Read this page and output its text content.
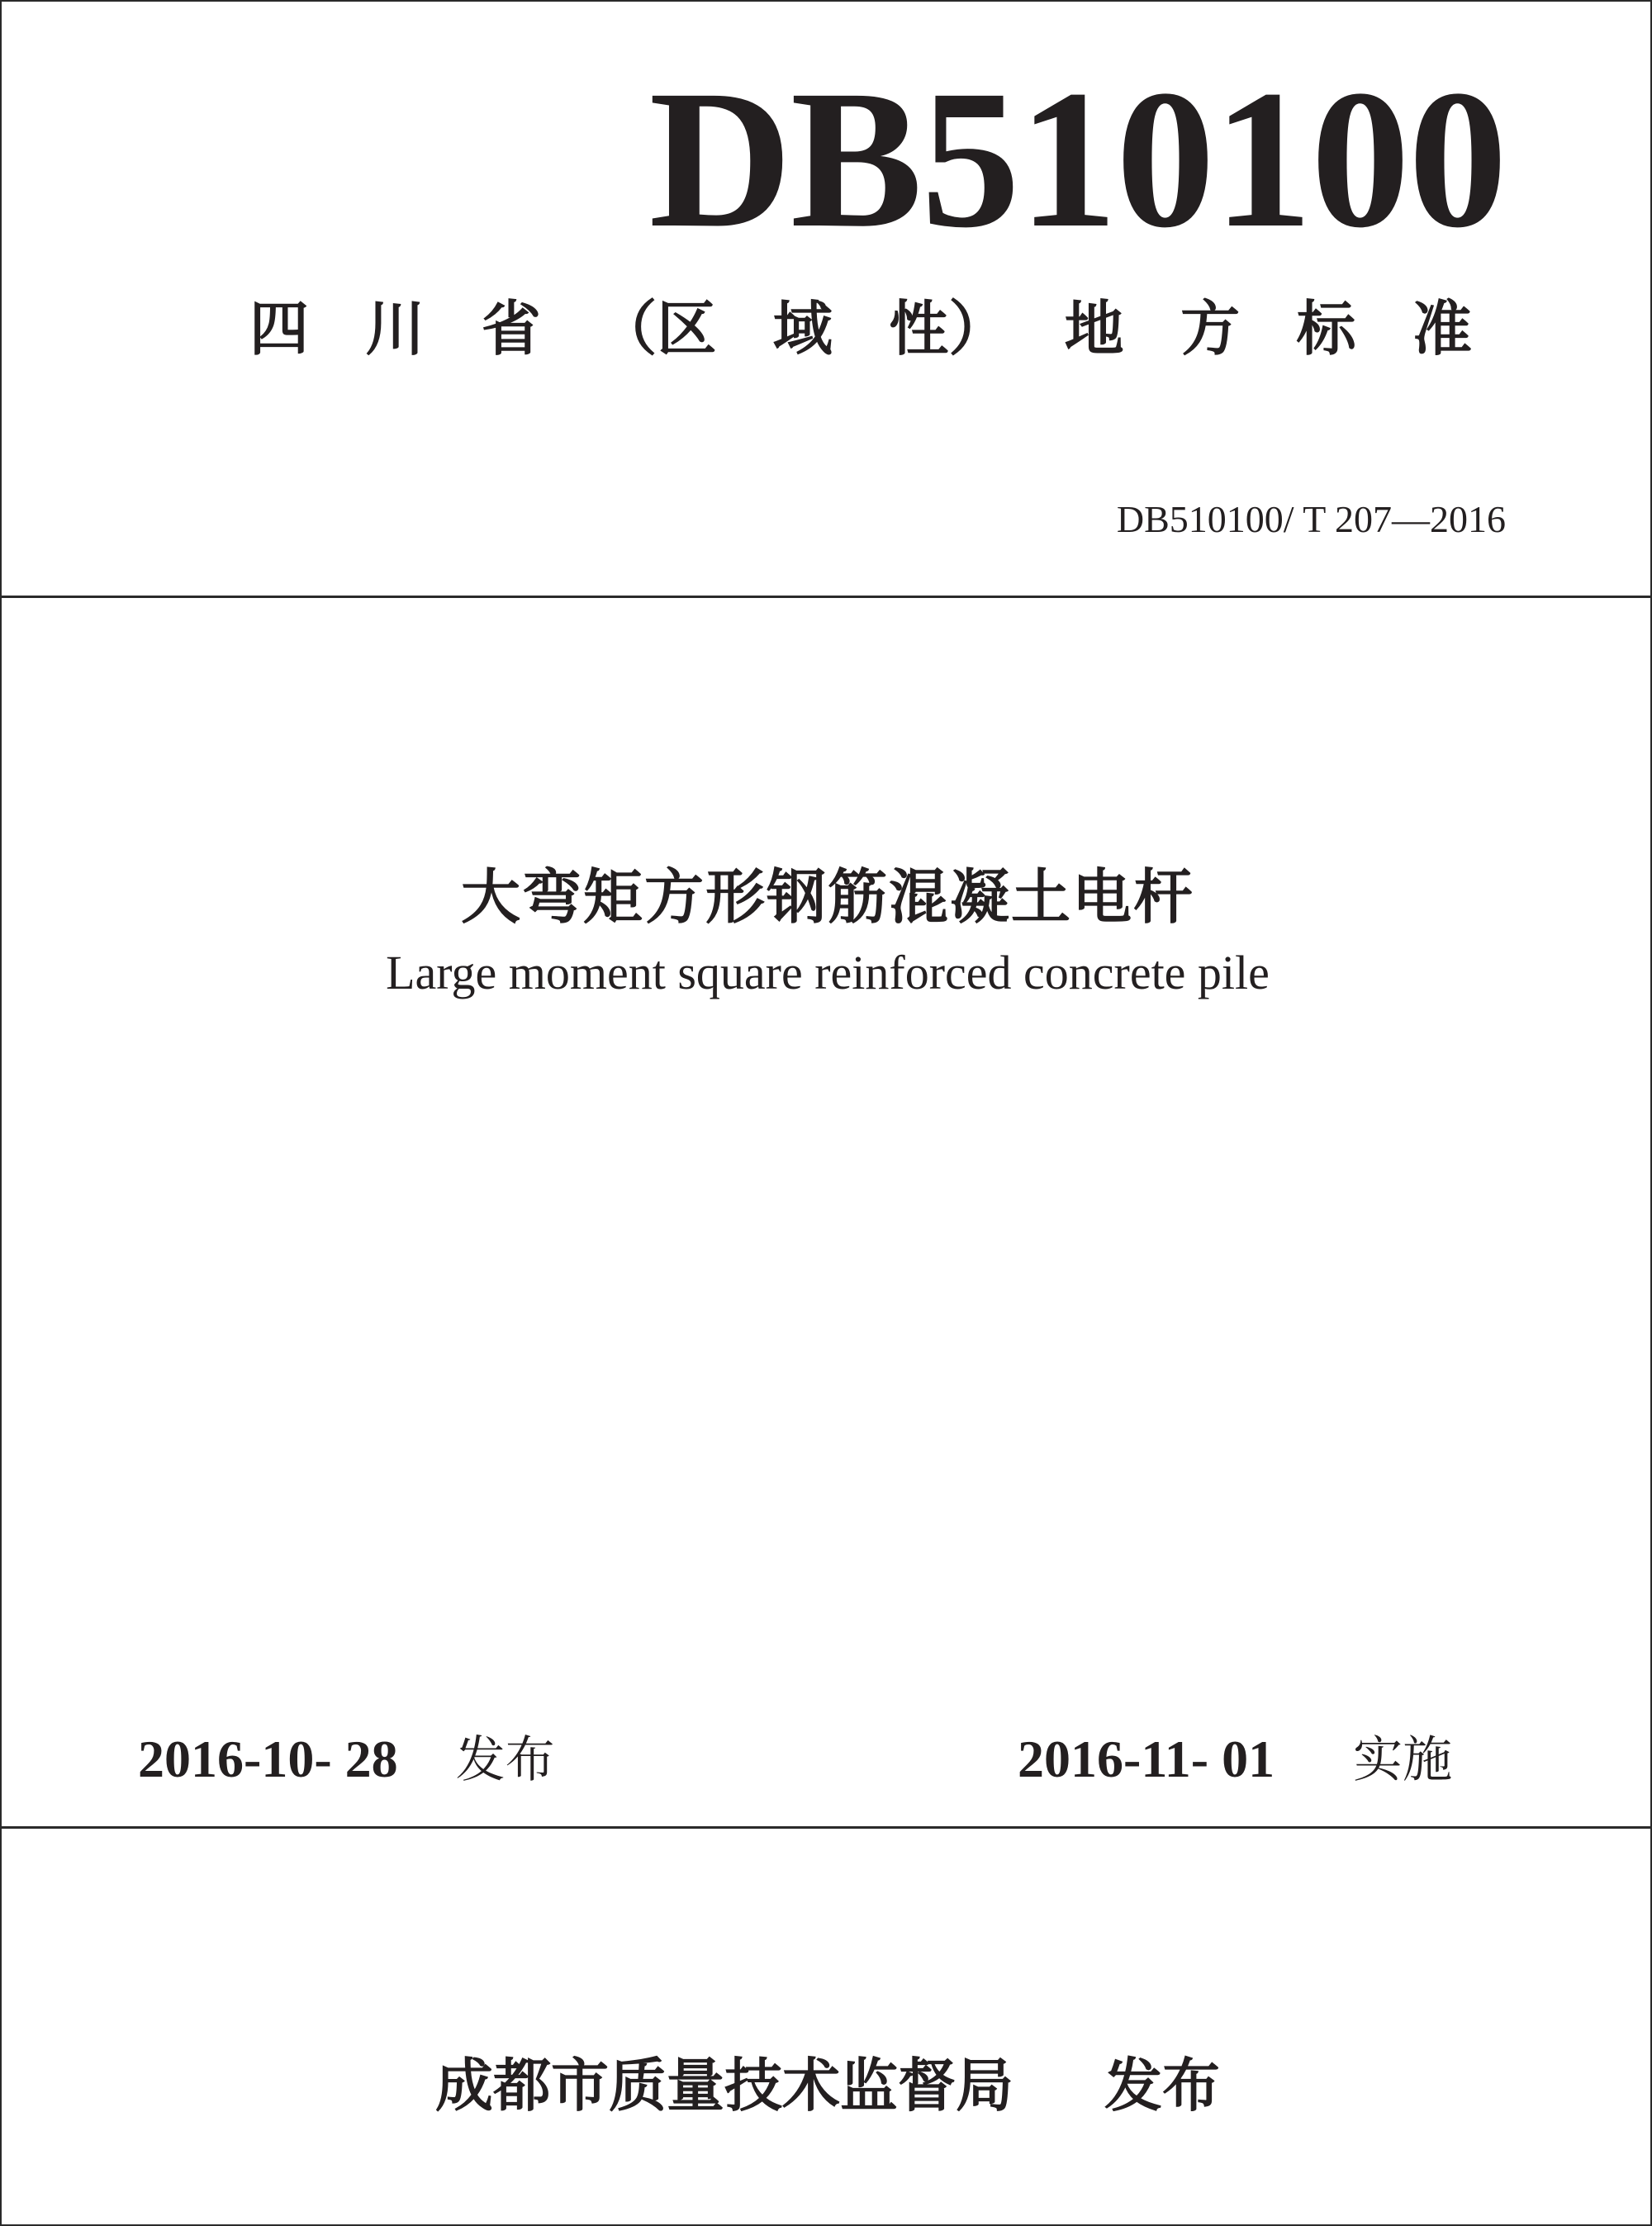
DB510100
四 川 省 （区 域 性） 地 方 标 准
DB510100/ T 207—2016
大弯矩方形钢筋混凝土电杆
Large moment square reinforced concrete pile
2016-10- 28 发布	2016-11- 01 实施
成都市质量技术监督局 发布
